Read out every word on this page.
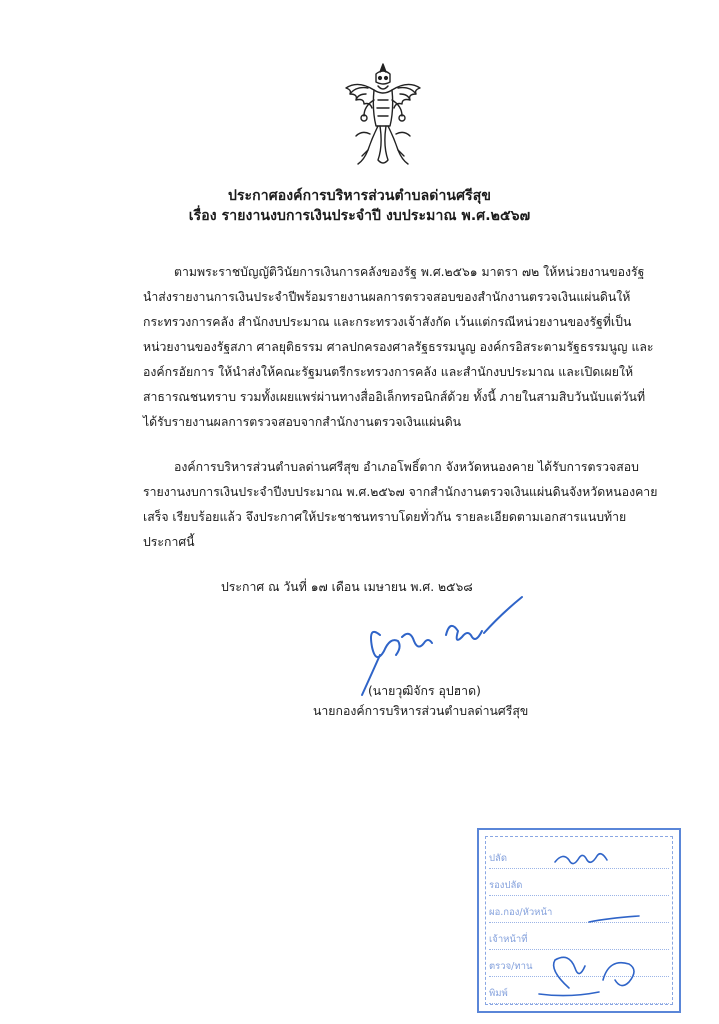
ประกาศองค์การบริหารส่วนตำบลด่านศรีสุข
เรื่อง รายงานงบการเงินประจำปี งบประมาณ พ.ศ.๒๕๖๗
ตามพระราชบัญญัติวินัยการเงินการคลังของรัฐ พ.ศ.๒๕๖๑ มาตรา ๗๒ ให้หน่วยงานของรัฐ
นำส่งรายงานการเงินประจำปีพร้อมรายงานผลการตรวจสอบของสำนักงานตรวจเงินแผ่นดินให้
กระทรวงการคลัง สำนักงบประมาณ และกระทรวงเจ้าสังกัด เว้นแต่กรณีหน่วยงานของรัฐที่เป็น
หน่วยงานของรัฐสภา ศาลยุติธรรม ศาลปกครองศาลรัฐธรรมนูญ องค์กรอิสระตามรัฐธรรมนูญ และ
องค์กรอัยการ ให้นำส่งให้คณะรัฐมนตรีกระทรวงการคลัง และสำนักงบประมาณ และเปิดเผยให้
สาธารณชนทราบ รวมทั้งเผยแพร่ผ่านทางสื่ออิเล็กทรอนิกส์ด้วย ทั้งนี้ ภายในสามสิบวันนับแต่วันที่
ได้รับรายงานผลการตรวจสอบจากสำนักงานตรวจเงินแผ่นดิน
องค์การบริหารส่วนตำบลด่านศรีสุข อำเภอโพธิ์ตาก จังหวัดหนองคาย ได้รับการตรวจสอบ
รายงานงบการเงินประจำปีงบประมาณ พ.ศ.๒๕๖๗ จากสำนักงานตรวจเงินแผ่นดินจังหวัดหนองคาย
เสร็จ เรียบร้อยแล้ว จึงประกาศให้ประชาชนทราบโดยทั่วกัน รายละเอียดตามเอกสารแนบท้าย
ประกาศนี้
ประกาศ ณ วันที่ ๑๗ เดือน เมษายน พ.ศ. ๒๕๖๘
(นายวุฒิจักร อุปฮาด)
นายกองค์การบริหารส่วนตำบลด่านศรีสุข
ปลัด
รองปลัด
ผอ.กอง/หัวหน้า
เจ้าหน้าที่
ตรวจ/ทาน
พิมพ์
